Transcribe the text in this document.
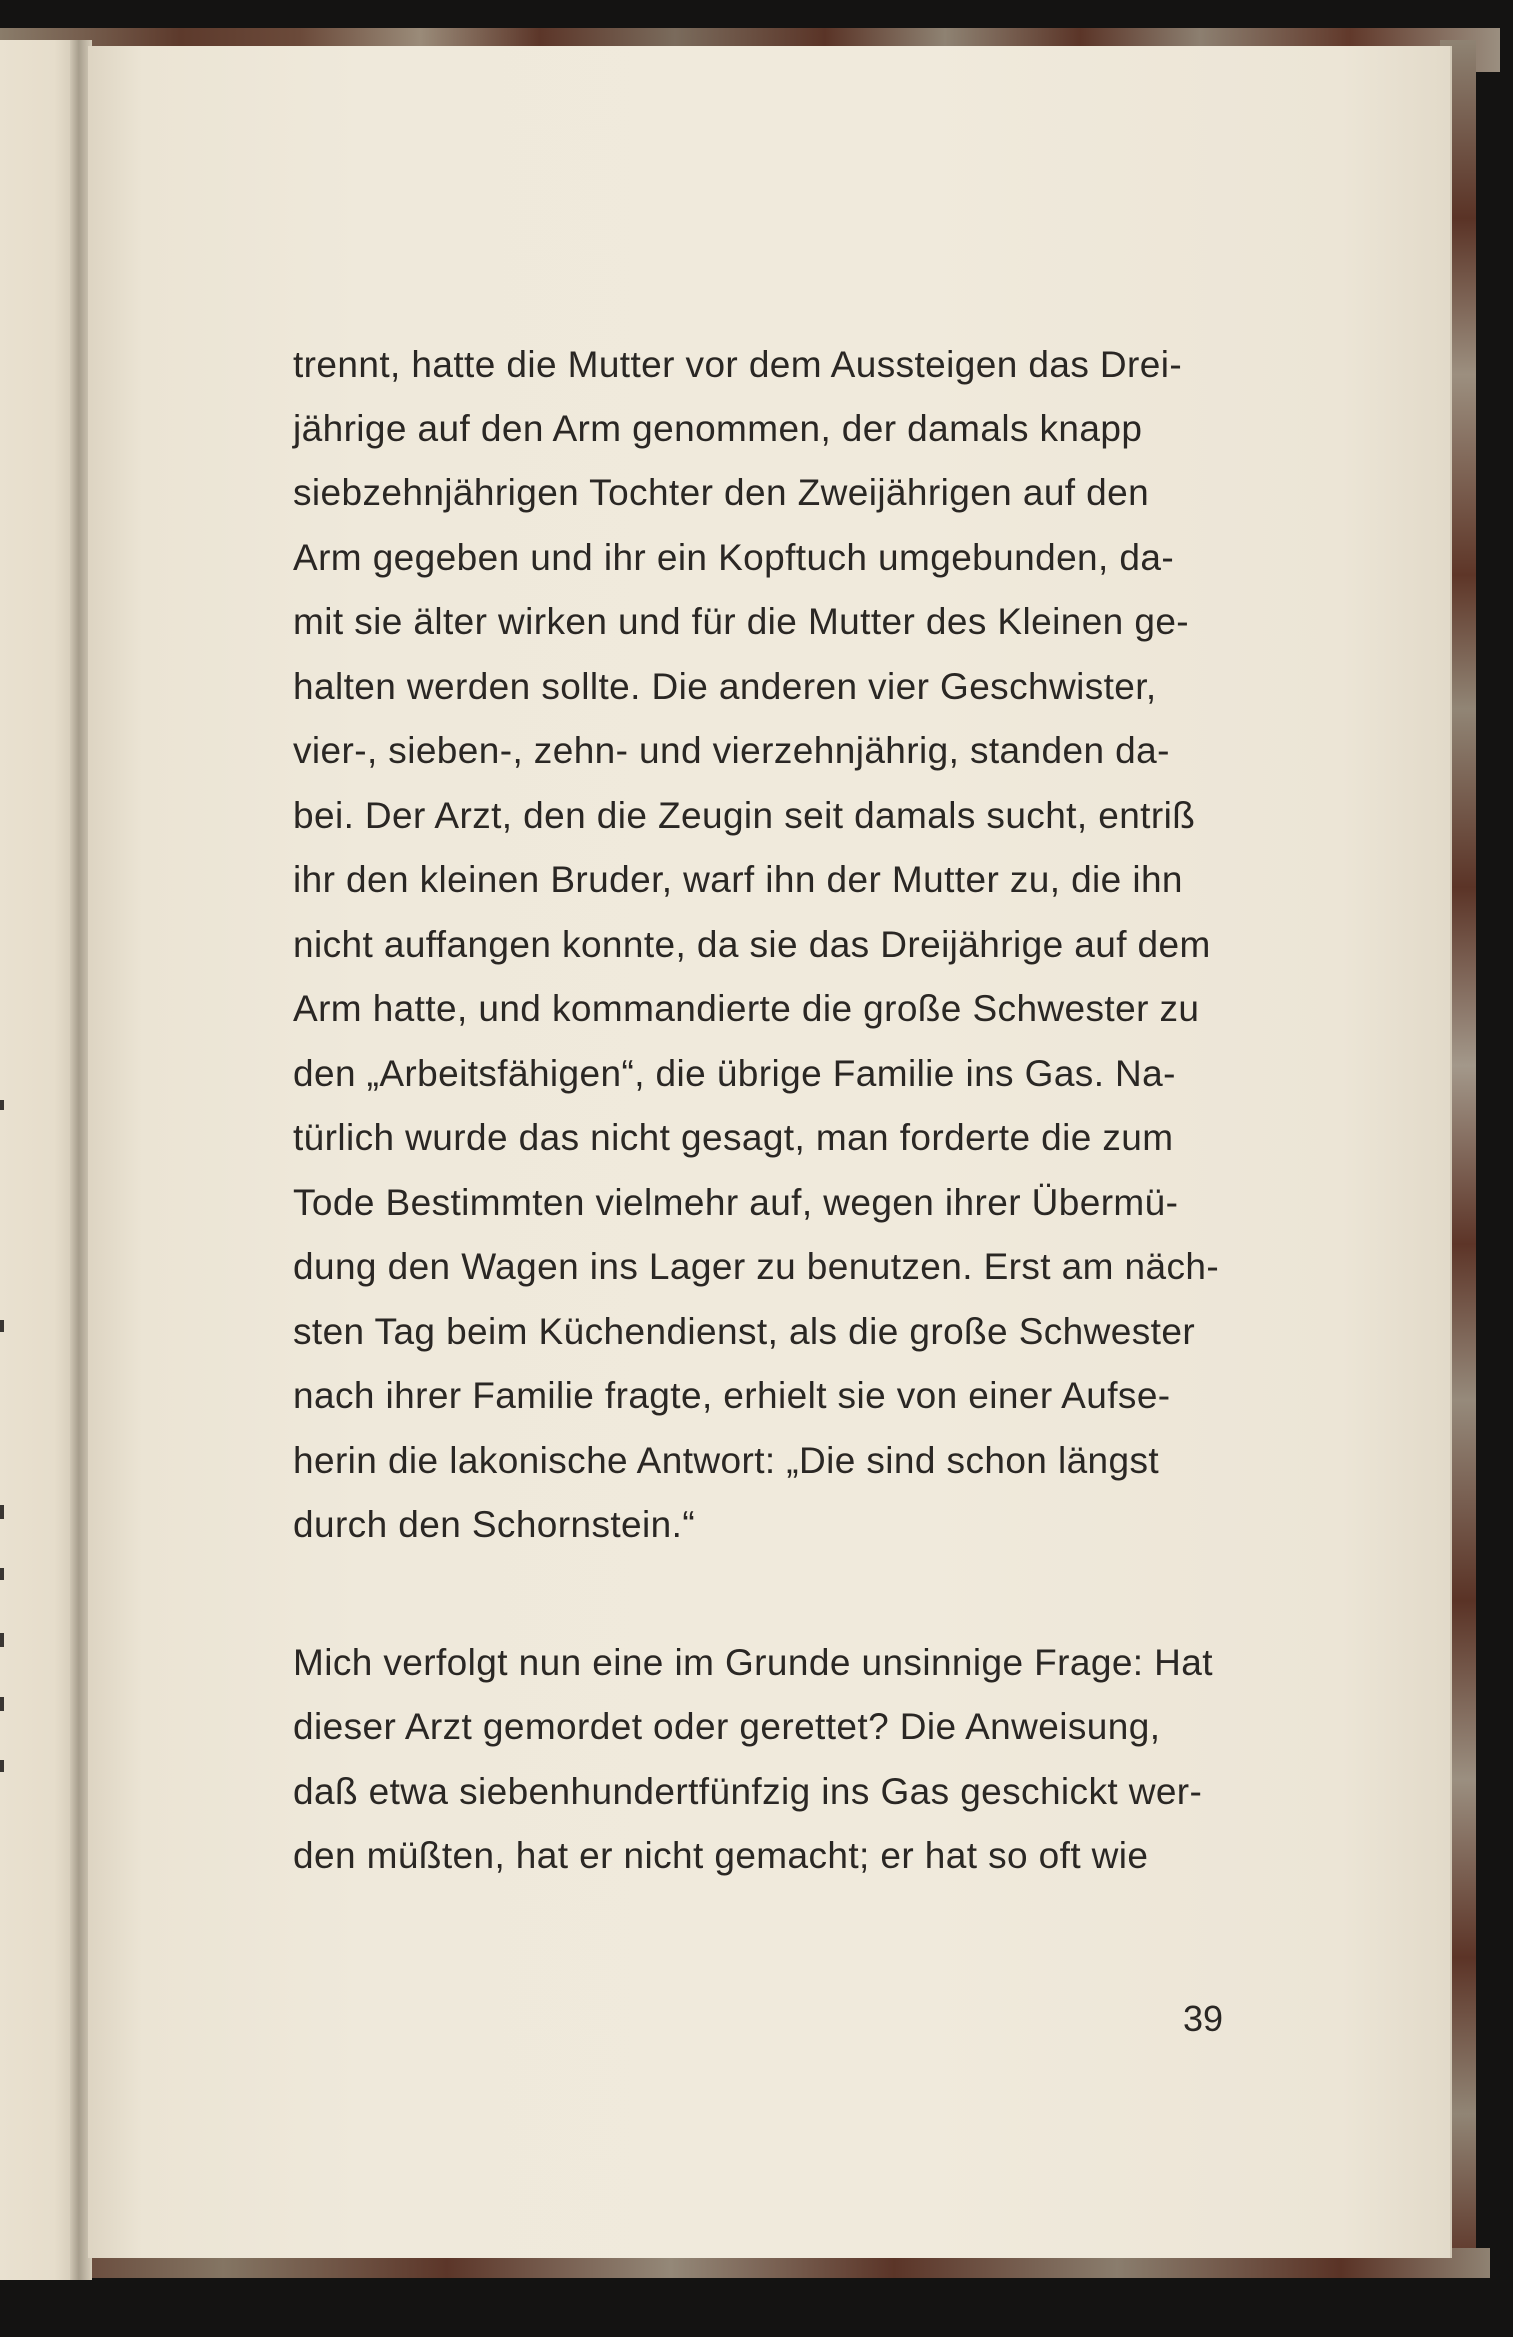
trennt, hatte die Mutter vor dem Aussteigen das Drei-
jährige auf den Arm genommen, der damals knapp
siebzehnjährigen Tochter den Zweijährigen auf den
Arm gegeben und ihr ein Kopftuch umgebunden, da-
mit sie älter wirken und für die Mutter des Kleinen ge-
halten werden sollte. Die anderen vier Geschwister,
vier-, sieben-, zehn- und vierzehnjährig, standen da-
bei. Der Arzt, den die Zeugin seit damals sucht, entriß
ihr den kleinen Bruder, warf ihn der Mutter zu, die ihn
nicht auffangen konnte, da sie das Dreijährige auf dem
Arm hatte, und kommandierte die große Schwester zu
den „Arbeitsfähigen“, die übrige Familie ins Gas. Na-
türlich wurde das nicht gesagt, man forderte die zum
Tode Bestimmten vielmehr auf, wegen ihrer Übermü-
dung den Wagen ins Lager zu benutzen. Erst am näch-
sten Tag beim Küchendienst, als die große Schwester
nach ihrer Familie fragte, erhielt sie von einer Aufse-
herin die lakonische Antwort: „Die sind schon längst
durch den Schornstein.“
Mich verfolgt nun eine im Grunde unsinnige Frage: Hat
dieser Arzt gemordet oder gerettet? Die Anweisung,
daß etwa siebenhundertfünfzig ins Gas geschickt wer-
den müßten, hat er nicht gemacht; er hat so oft wie
39
